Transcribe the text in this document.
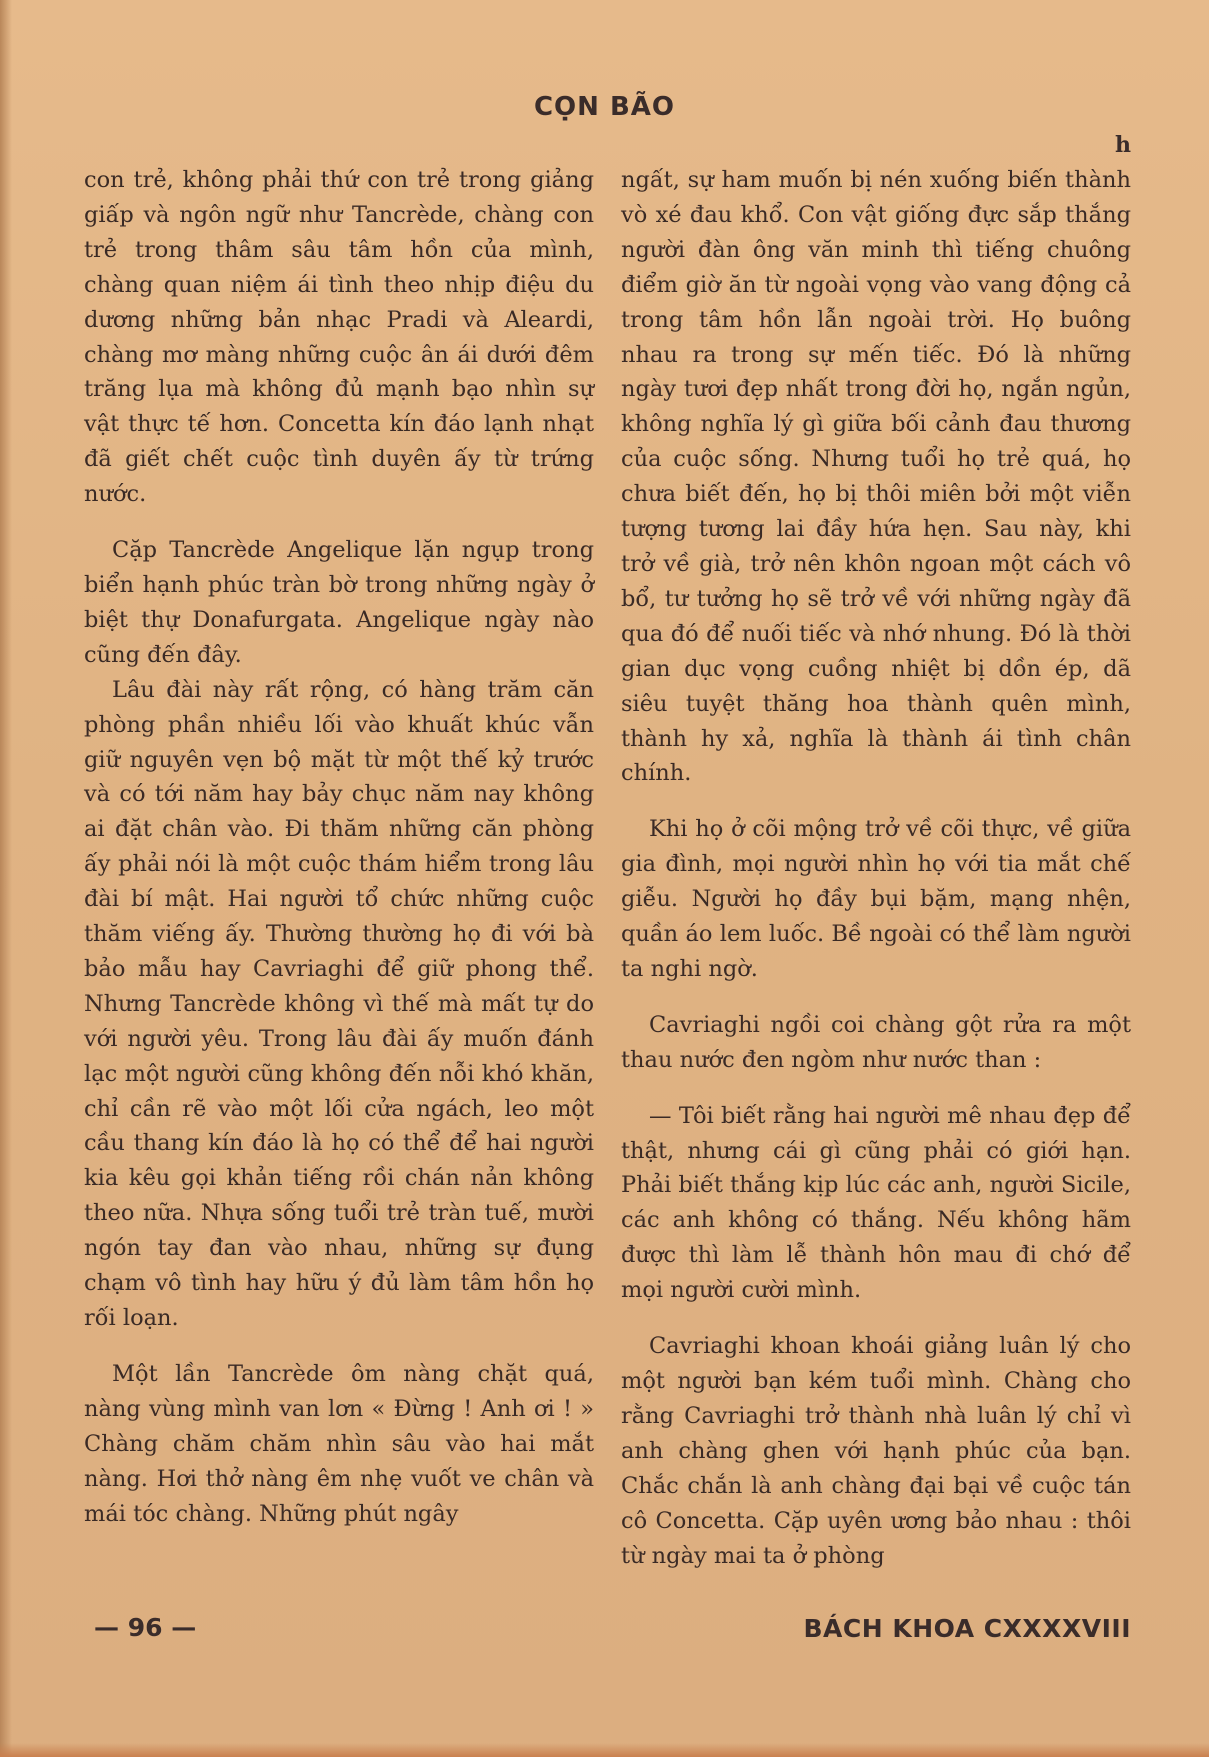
CỌN BÃO
h

con trẻ, không phải thứ con trẻ trong giảng giấp và ngôn ngữ như Tancrède, chàng con trẻ trong thâm sâu tâm hồn của mình, chàng quan niệm ái tình theo nhịp điệu du dương những bản nhạc Pradi và Aleardi, chàng mơ màng những cuộc ân ái dưới đêm trăng lụa mà không đủ mạnh bạo nhìn sự vật thực tế hơn. Concetta kín đáo lạnh nhạt đã giết chết cuộc tình duyên ấy từ trứng nước.

Cặp Tancrède Angelique lặn ngụp trong biển hạnh phúc tràn bờ trong những ngày ở biệt thự Donafurgata. Angelique ngày nào cũng đến đây.

Lâu đài này rất rộng, có hàng trăm căn phòng phần nhiều lối vào khuất khúc vẫn giữ nguyên vẹn bộ mặt từ một thế kỷ trước và có tới năm hay bảy chục năm nay không ai đặt chân vào. Đi thăm những căn phòng ấy phải nói là một cuộc thám hiểm trong lâu đài bí mật. Hai người tổ chức những cuộc thăm viếng ấy. Thường thường họ đi với bà bảo mẫu hay Cavriaghi để giữ phong thể. Nhưng Tancrède không vì thế mà mất tự do với người yêu. Trong lâu đài ấy muốn đánh lạc một người cũng không đến nỗi khó khăn, chỉ cần rẽ vào một lối cửa ngách, leo một cầu thang kín đáo là họ có thể để hai người kia kêu gọi khản tiếng rồi chán nản không theo nữa. Nhựa sống tuổi trẻ tràn tuế, mười ngón tay đan vào nhau, những sự đụng chạm vô tình hay hữu ý đủ làm tâm hồn họ rối loạn.

Một lần Tancrède ôm nàng chặt quá, nàng vùng mình van lơn « Đừng ! Anh ơi ! » Chàng chăm chăm nhìn sâu vào hai mắt nàng. Hơi thở nàng êm nhẹ vuốt ve chân và mái tóc chàng. Những phút ngây

ngất, sự ham muốn bị nén xuống biến thành vò xé đau khổ. Con vật giống đực sắp thắng người đàn ông văn minh thì tiếng chuông điểm giờ ăn từ ngoài vọng vào vang động cả trong tâm hồn lẫn ngoài trời. Họ buông nhau ra trong sự mến tiếc. Đó là những ngày tươi đẹp nhất trong đời họ, ngắn ngủn, không nghĩa lý gì giữa bối cảnh đau thương của cuộc sống. Nhưng tuổi họ trẻ quá, họ chưa biết đến, họ bị thôi miên bởi một viễn tượng tương lai đầy hứa hẹn. Sau này, khi trở về già, trở nên khôn ngoan một cách vô bổ, tư tưởng họ sẽ trở về với những ngày đã qua đó để nuối tiếc và nhớ nhung. Đó là thời gian dục vọng cuồng nhiệt bị dồn ép, dã siêu tuyệt thăng hoa thành quên mình, thành hy xả, nghĩa là thành ái tình chân chính.

Khi họ ở cõi mộng trở về cõi thực, về giữa gia đình, mọi người nhìn họ với tia mắt chế giễu. Người họ đầy bụi bặm, mạng nhện, quần áo lem luốc. Bề ngoài có thể làm người ta nghi ngờ.

Cavriaghi ngồi coi chàng gột rửa ra một thau nước đen ngòm như nước than :

— Tôi biết rằng hai người mê nhau đẹp để thật, nhưng cái gì cũng phải có giới hạn. Phải biết thắng kịp lúc các anh, người Sicile, các anh không có thắng. Nếu không hãm được thì làm lễ thành hôn mau đi chớ để mọi người cười mình.

Cavriaghi khoan khoái giảng luân lý cho một người bạn kém tuổi mình. Chàng cho rằng Cavriaghi trở thành nhà luân lý chỉ vì anh chàng ghen với hạnh phúc của bạn. Chắc chắn là anh chàng đại bại về cuộc tán cô Concetta. Cặp uyên ương bảo nhau : thôi từ ngày mai ta ở phòng

— 96 —	BÁCH KHOA CXXXXVIII
